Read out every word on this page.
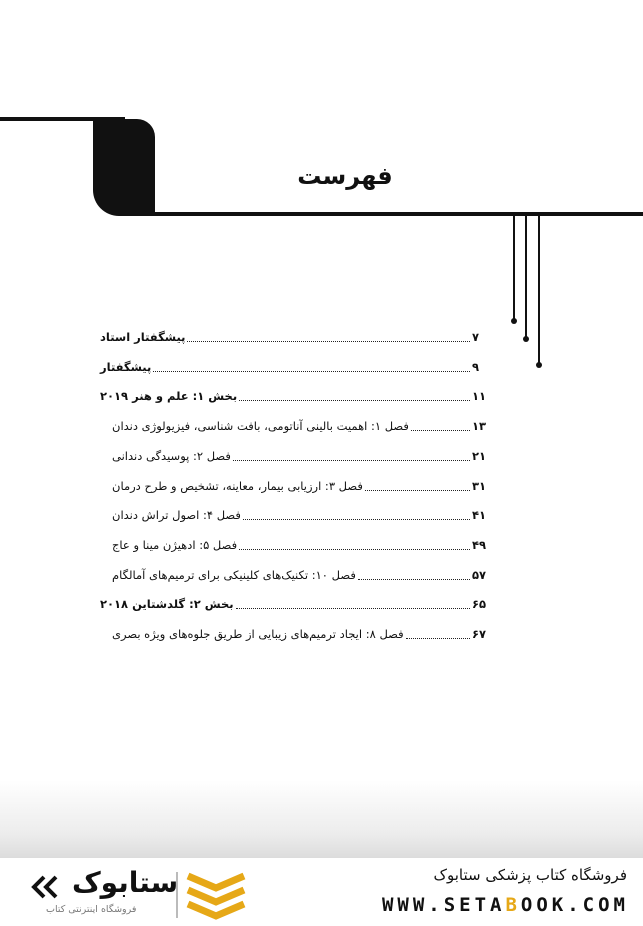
فهرست
پیشگفتار استاد	۷
پیشگفتار	۹
بخش ۱: علم و هنر ۲۰۱۹	۱۱
فصل ۱: اهمیت بالینی آناتومی، بافت شناسی، فیزیولوژی دندان	۱۳
فصل ۲: پوسیدگی دندانی	۲۱
فصل ۳: ارزیابی بیمار، معاینه، تشخیص و طرح درمان	۳۱
فصل ۴: اصول تراش دندان	۴۱
فصل ۵: ادهیژن مینا و عاج	۴۹
فصل ۱۰: تکنیک‌های کلینیکی برای ترمیم‌های آمالگام	۵۷
بخش ۲: گلدشتاین ۲۰۱۸	۶۵
فصل ۸: ایجاد ترمیم‌های زیبایی از طریق جلوه‌های ویژه بصری	۶۷
فروشگاه کتاب پزشکی ستابوک
WWW.SETABOOK.COM
ستابوک
فروشگاه اینترنتی کتاب
